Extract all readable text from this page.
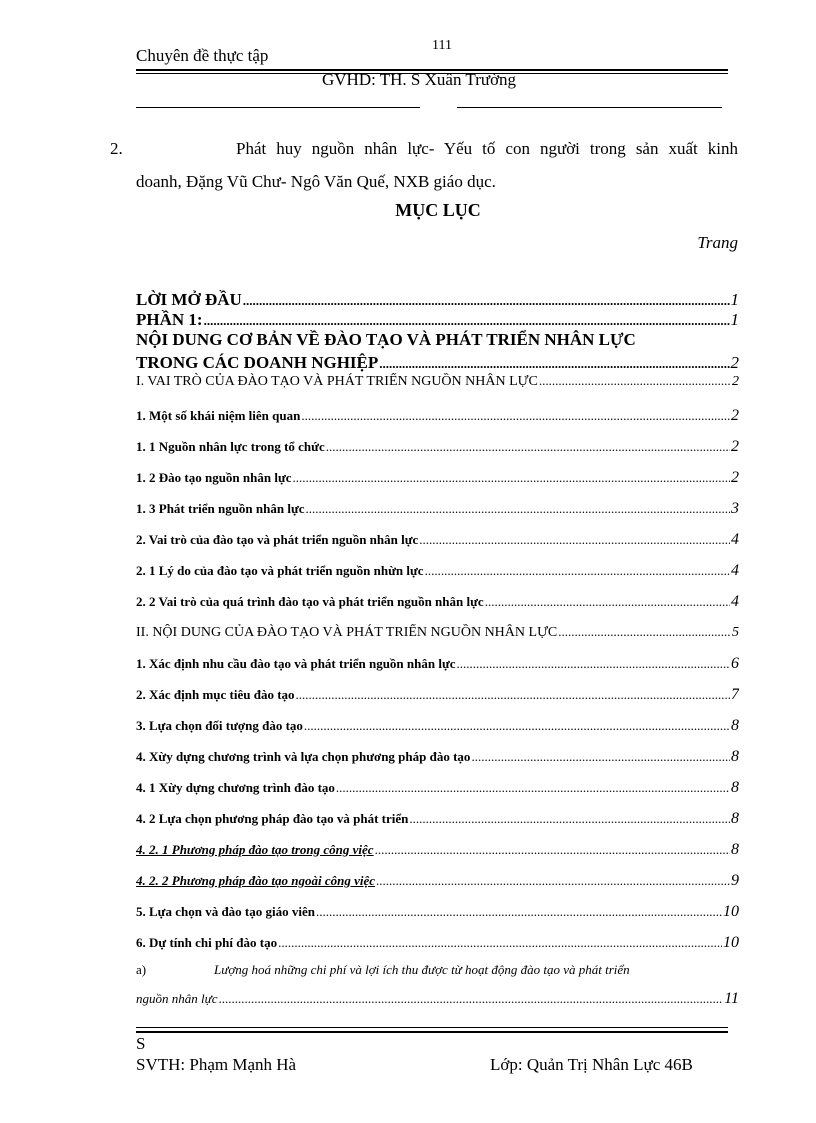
Chuyên đề thực tập
111
GVHD: TH. S Xuân Trường
2.	Phát huy nguồn nhân lực- Yếu tố con người trong sản xuất kinh
doanh, Đặng Vũ Chư- Ngô Văn Quế, NXB giáo dục.
MỤC LỤC
Trang
LỜI MỞ ĐẦU .....	1
PHẦN 1: .....	1
NỘI DUNG CƠ BẢN VỀ ĐÀO TẠO VÀ PHÁT TRIỂN NHÂN LỰC
TRONG CÁC DOANH NGHIỆP .....	2
I. VAI TRÒ CỦA ĐÀO TẠO VÀ PHÁT TRIỂN NGUỒN NHÂN LỰC .....	2
1. Một số khái niệm liên quan .....	2
1. 1 Nguồn nhân lực trong tổ chức .....	2
1. 2 Đào tạo nguồn nhân lực .....	2
1. 3 Phát triển nguồn nhân lực .....	3
2. Vai trò của đào tạo và phát triển nguồn nhân lực .....	4
2. 1 Lý do của đào tạo và phát triển nguồn nhừn lực .....	4
2. 2 Vai trò của quá trình đào tạo và phát triển nguồn nhân lực .....	4
II. NỘI DUNG CỦA ĐÀO TẠO VÀ PHÁT TRIỂN NGUỒN NHÂN LỰC .....	5
1. Xác định nhu cầu đào tạo và phát triển nguồn nhân lực .....	6
2. Xác định mục tiêu đào tạo .....	7
3. Lựa chọn đối tượng đào tạo .....	8
4. Xừy dựng chương trình và lựa chọn phương pháp đào tạo .....	8
4. 1 Xừy dựng chương trình đào tạo .....	8
4. 2 Lựa chọn phương pháp đào tạo và phát triển .....	8
4. 2. 1 Phương pháp đào tạo trong công việc .....	8
4. 2. 2 Phương pháp đào tạo ngoài công việc .....	9
5. Lựa chọn và đào tạo giáo viên .....	10
6. Dự tính chi phí đào tạo .....	10
a)	Lượng hoá những chi phí và lợi ích thu được từ hoạt động đào tạo và phát triển
nguồn nhân lực .....	11
S
SVTH: Phạm Mạnh Hà	Lớp: Quản Trị Nhân Lực 46B
